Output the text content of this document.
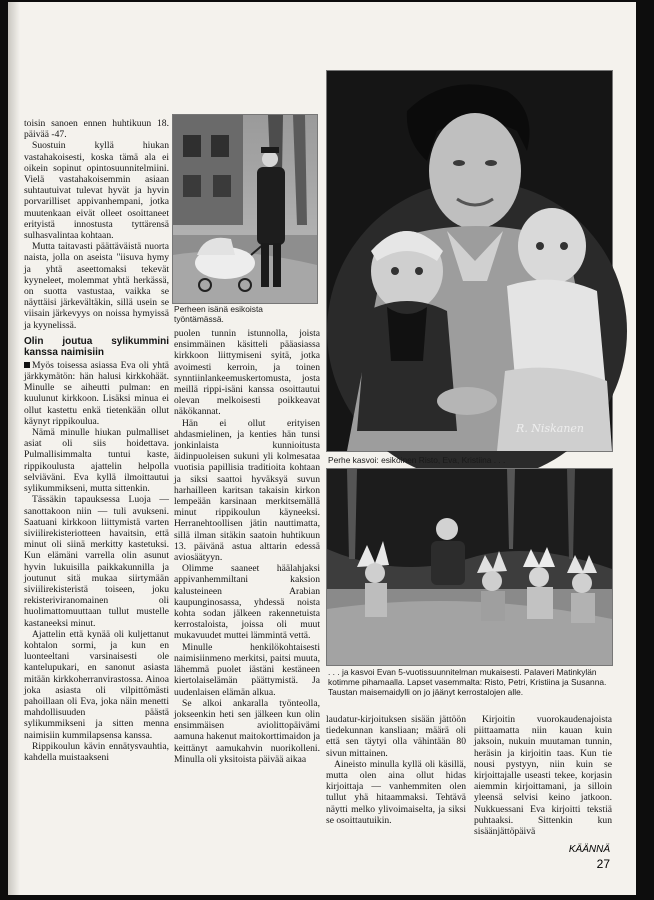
toisin sanoen ennen huhtikuun 18. päivää -47.

Suostuin kyllä hiukan vastahakoisesti, koska tämä ala ei oikein sopinut opintosuunnitelmiini. Vielä vastahakoisemmin asiaan suhtautuivat tulevat hyvät ja hyvin porvarilliset appivanhempani, jotka muutenkaan eivät olleet osoittaneet erityistä innostusta tyttärensä sulhasvalintaa kohtaan.

Mutta taitavasti päättäväistä nuorta naista, jolla on aseista "iisuva hymy ja yhtä aseettomaksi tekevät kyyneleet, molemmat yhtä herkässä, on suotta vastustaa, vaikka se näyttäisi järkevältäkin, sillä usein se viisain järkevyys on noissa hymyissä ja kyynelissä.

Olin joutua sylikummini kanssa naimisiin

Myös toisessa asiassa Eva oli yhtä järkkymätön: hän halusi kirkkohäät. Minulle se aiheutti pulman: en kuulunut kirkkoon. Lisäksi minua ei ollut kastettu enkä tietenkään ollut käynyt rippikoulua.

Nämä minulle hiukan pulmalliset asiat oli siis hoidettava. Pulmallisimmalta tuntui kaste, rippikoulusta ajattelin helpolla selviäväni. Eva kyllä ilmoittautui sylikummikseni, mutta sittenkin.

Tässäkin tapauksessa Luoja — sanottakoon niin — tuli avukseni. Saatuani kirkkoon liittymistä varten siviilirekisteriotteen havaitsin, että minut oli siinä merkitty kastetuksi. Kun elämäni varrella olin asunut hyvin lukuisilla paikkakunnilla ja joutunut sitä mukaa siirtymään siviilirekisteristä toiseen, joku rekisteriviranomainen oli huolimattomuuttaan tullut mustelle kastaneeksi minut.

Ajattelin että kynää oli kuljettanut kohtalon sormi, ja kun en luonteeltani varsinaisesti ole kantelupukari, en sanonut asiasta mitään kirkkoherranvirastossa. Ainoa joka asiasta oli vilpittömästi pahoillaan oli Eva, joka näin menetti mahdollisuuden päästä sylikummikseni ja sitten menna naimisiin kummilapsensa kanssa.

Rippikoulun kävin ennätysvauhtia, kahdella muistaakseni

Perheen isänä esikoista työntämässä.

puolen tunnin istunnolla, joista ensimmäinen käsitteli pääasiassa kirkkoon liittymiseni syitä, jotka avoimesti kerroin, ja toinen synntiinlankeemuskertomusta, josta meillä rippi-isäni kanssa osoittautui olevan melkoisesti poikkeavat näkökannat.

Hän ei ollut erityisen ahdasmielinen, ja kenties hän tunsi jonkinlaista kunnioitusta äidinpuoleisen sukuni yli kolmesataa vuotisia papillisia traditioita kohtaan ja siksi saattoi hyväksyä suvun harhailleen karitsan takaisin kirkon lempeään karsinaan merkitsemällä minut rippikoulun käyneeksi. Herranehtoollisen jätin nauttimatta, sillä ilman sitäkin saatoin huhtikuun 13. päivänä astua alttarin edessä aviosäätyyn.

Olimme saaneet häälahjaksi appivanhemmiltani kaksion kalusteineen Arabian kaupunginosassa, yhdessä noista kohta sodan jälkeen rakennetuista kerrostaloista, joissa oli muut mukavuudet muttei lämmintä vettä.

Minulle henkilökohtaisesti naimisiinmeno merkitsi, paitsi muuta, lähemmä puolet iästäni kestäneen kiertolaiselämän päättymistä. Ja uudenlaisen elämän alkua.

Se alkoi ankaralla työnteolla, jokseenkin heti sen jälkeen kun olin ensimmäisen aviolittopäivämi aamuna hakenut maitokorttimaidon ja keittänyt aamukahvin nuorikolleni. Minulla oli yksitoista päivää aikaa

R. Niskanen
Perhe kasvoi: esikoinen Risto, Eva, Kristiina . . .
. . . ja kasvoi Evan 5-vuotissuunnitelman mukaisesti. Palaveri Matinkylän kotimme pihamaalla. Lapset vasemmalta: Risto, Petri, Kristiina ja Susanna. Taustan maisemaidylli on jo jäänyt kerrostalojen alle.

laudatur-kirjoituksen sisään jättöön tiedekunnan kansliaan; määrä oli että sen täytyi olla vähintään 80 sivun mittainen.

Aineisto minulla kyllä oli käsillä, mutta olen aina ollut hidas kirjoittaja — vanhemmiten olen tullut yhä hitaammaksi. Tehtävä näytti melko ylivoimaiselta, ja siksi se osoittautuikin.

Kirjoitin vuorokaudenajoista piittaamatta niin kauan kuin jaksoin, nukuin muutaman tunnin, heräsin ja kirjoitin taas. Kun tie nousi pystyyn, niin kuin se kirjoittajalle useasti tekee, korjasin aiemmin kirjoittamani, ja silloin yleensä selvisi keino jatkoon. Nukkuessani Eva kirjoitti tekstiä puhtaaksi. Sittenkin kun sisäänjättöpäivä

KÄÄNNÄ
27
